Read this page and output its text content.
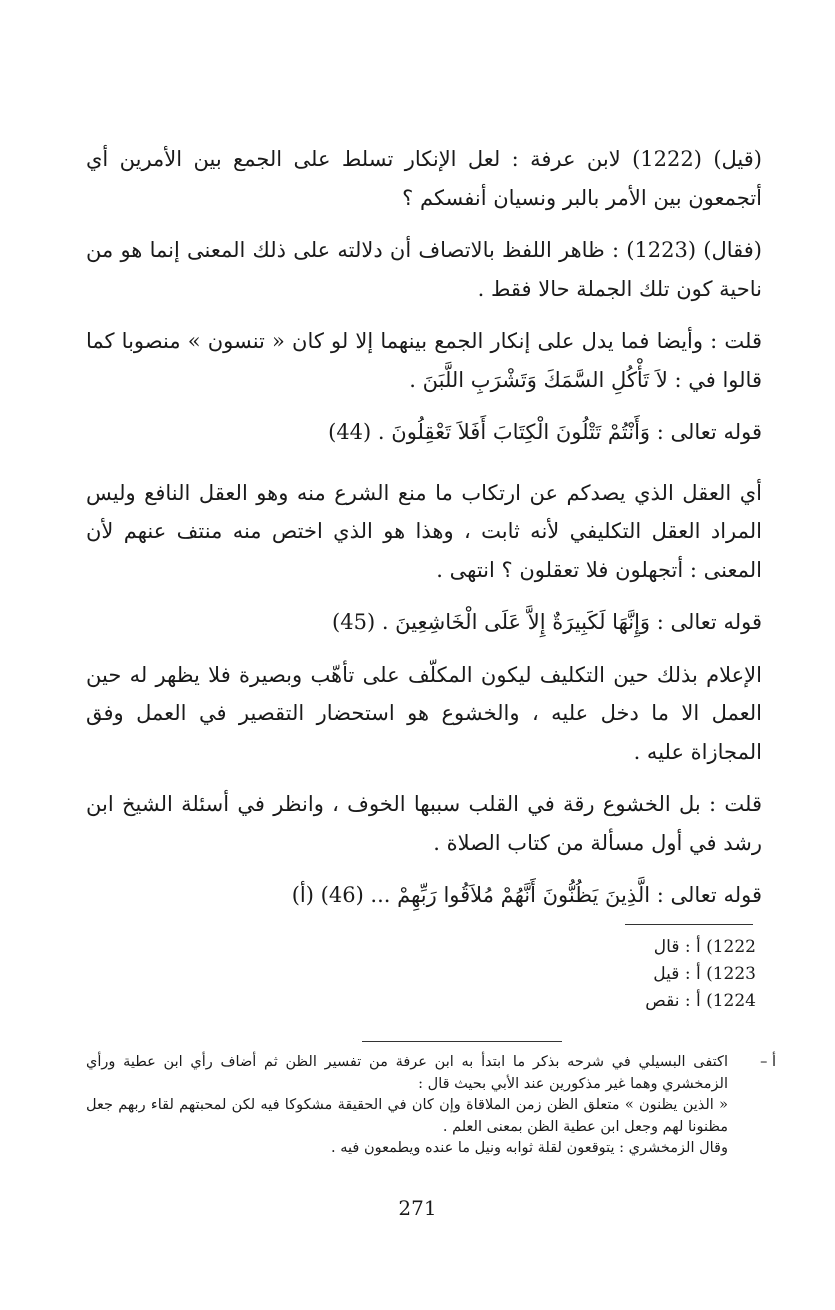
(قيل) (1222) لابن عرفة : لعل الإنكار تسلط على الجمع بين الأمرين أي أتجمعون بين الأمر بالبر ونسيان أنفسكم ؟

(فقال) (1223) : ظاهر اللفظ بالاتصاف أن دلالته على ذلك المعنى إنما هو من ناحية كون تلك الجملة حالا فقط .

قلت : وأيضا فما يدل على إنكار الجمع بينهما إلا لو كان « تنسون » منصوبا كما قالوا في : لاَ تَأْكُلِ السَّمَكَ وَتَشْرَبِ اللَّبَنَ .

قوله تعالى : وَأَنْتُمْ تَتْلُونَ الْكِتَابَ أَفَلاَ تَعْقِلُونَ . (44)

أي العقل الذي يصدكم عن ارتكاب ما منع الشرع منه وهو العقل النافع وليس المراد العقل التكليفي لأنه ثابت ، وهذا هو الذي اختص منه منتف عنهم لأن المعنى : أتجهلون فلا تعقلون ؟ انتهى .

قوله تعالى : وَإِنَّهَا لَكَبِيرَةٌ إِلاَّ عَلَى الْخَاشِعِينَ . (45)

الإعلام بذلك حين التكليف ليكون المكلّف على تأهّب وبصيرة فلا يظهر له حين العمل الا ما دخل عليه ، والخشوع هو استحضار التقصير في العمل وفق المجازاة عليه .

قلت : بل الخشوع رقة في القلب سببها الخوف ، وانظر في أسئلة الشيخ ابن رشد في أول مسألة من كتاب الصلاة .

قوله تعالى : الَّذِينَ يَظُنُّونَ أَنَّهُمْ مُلاَقُوا رَبِّهِمْ ... (46) (أ)

1222) أ : قال
1223) أ : قيل
1224) أ : نقص
أ –

اكتفى البسيلي في شرحه بذكر ما ابتدأ به ابن عرفة من تفسير الظن ثم أضاف رأي ابن عطية ورأي الزمخشري وهما غير مذكورين عند الأبي بحيث قال :

« الذين يظنون » متعلق الظن زمن الملاقاة وإن كان في الحقيقة مشكوكا فيه لكن لمحبتهم لقاء ربهم جعل مظنونا لهم وجعل ابن عطية الظن بمعنى العلم .

وقال الزمخشري : يتوقعون لقلة ثوابه ونيل ما عنده ويطمعون فيه .

271
